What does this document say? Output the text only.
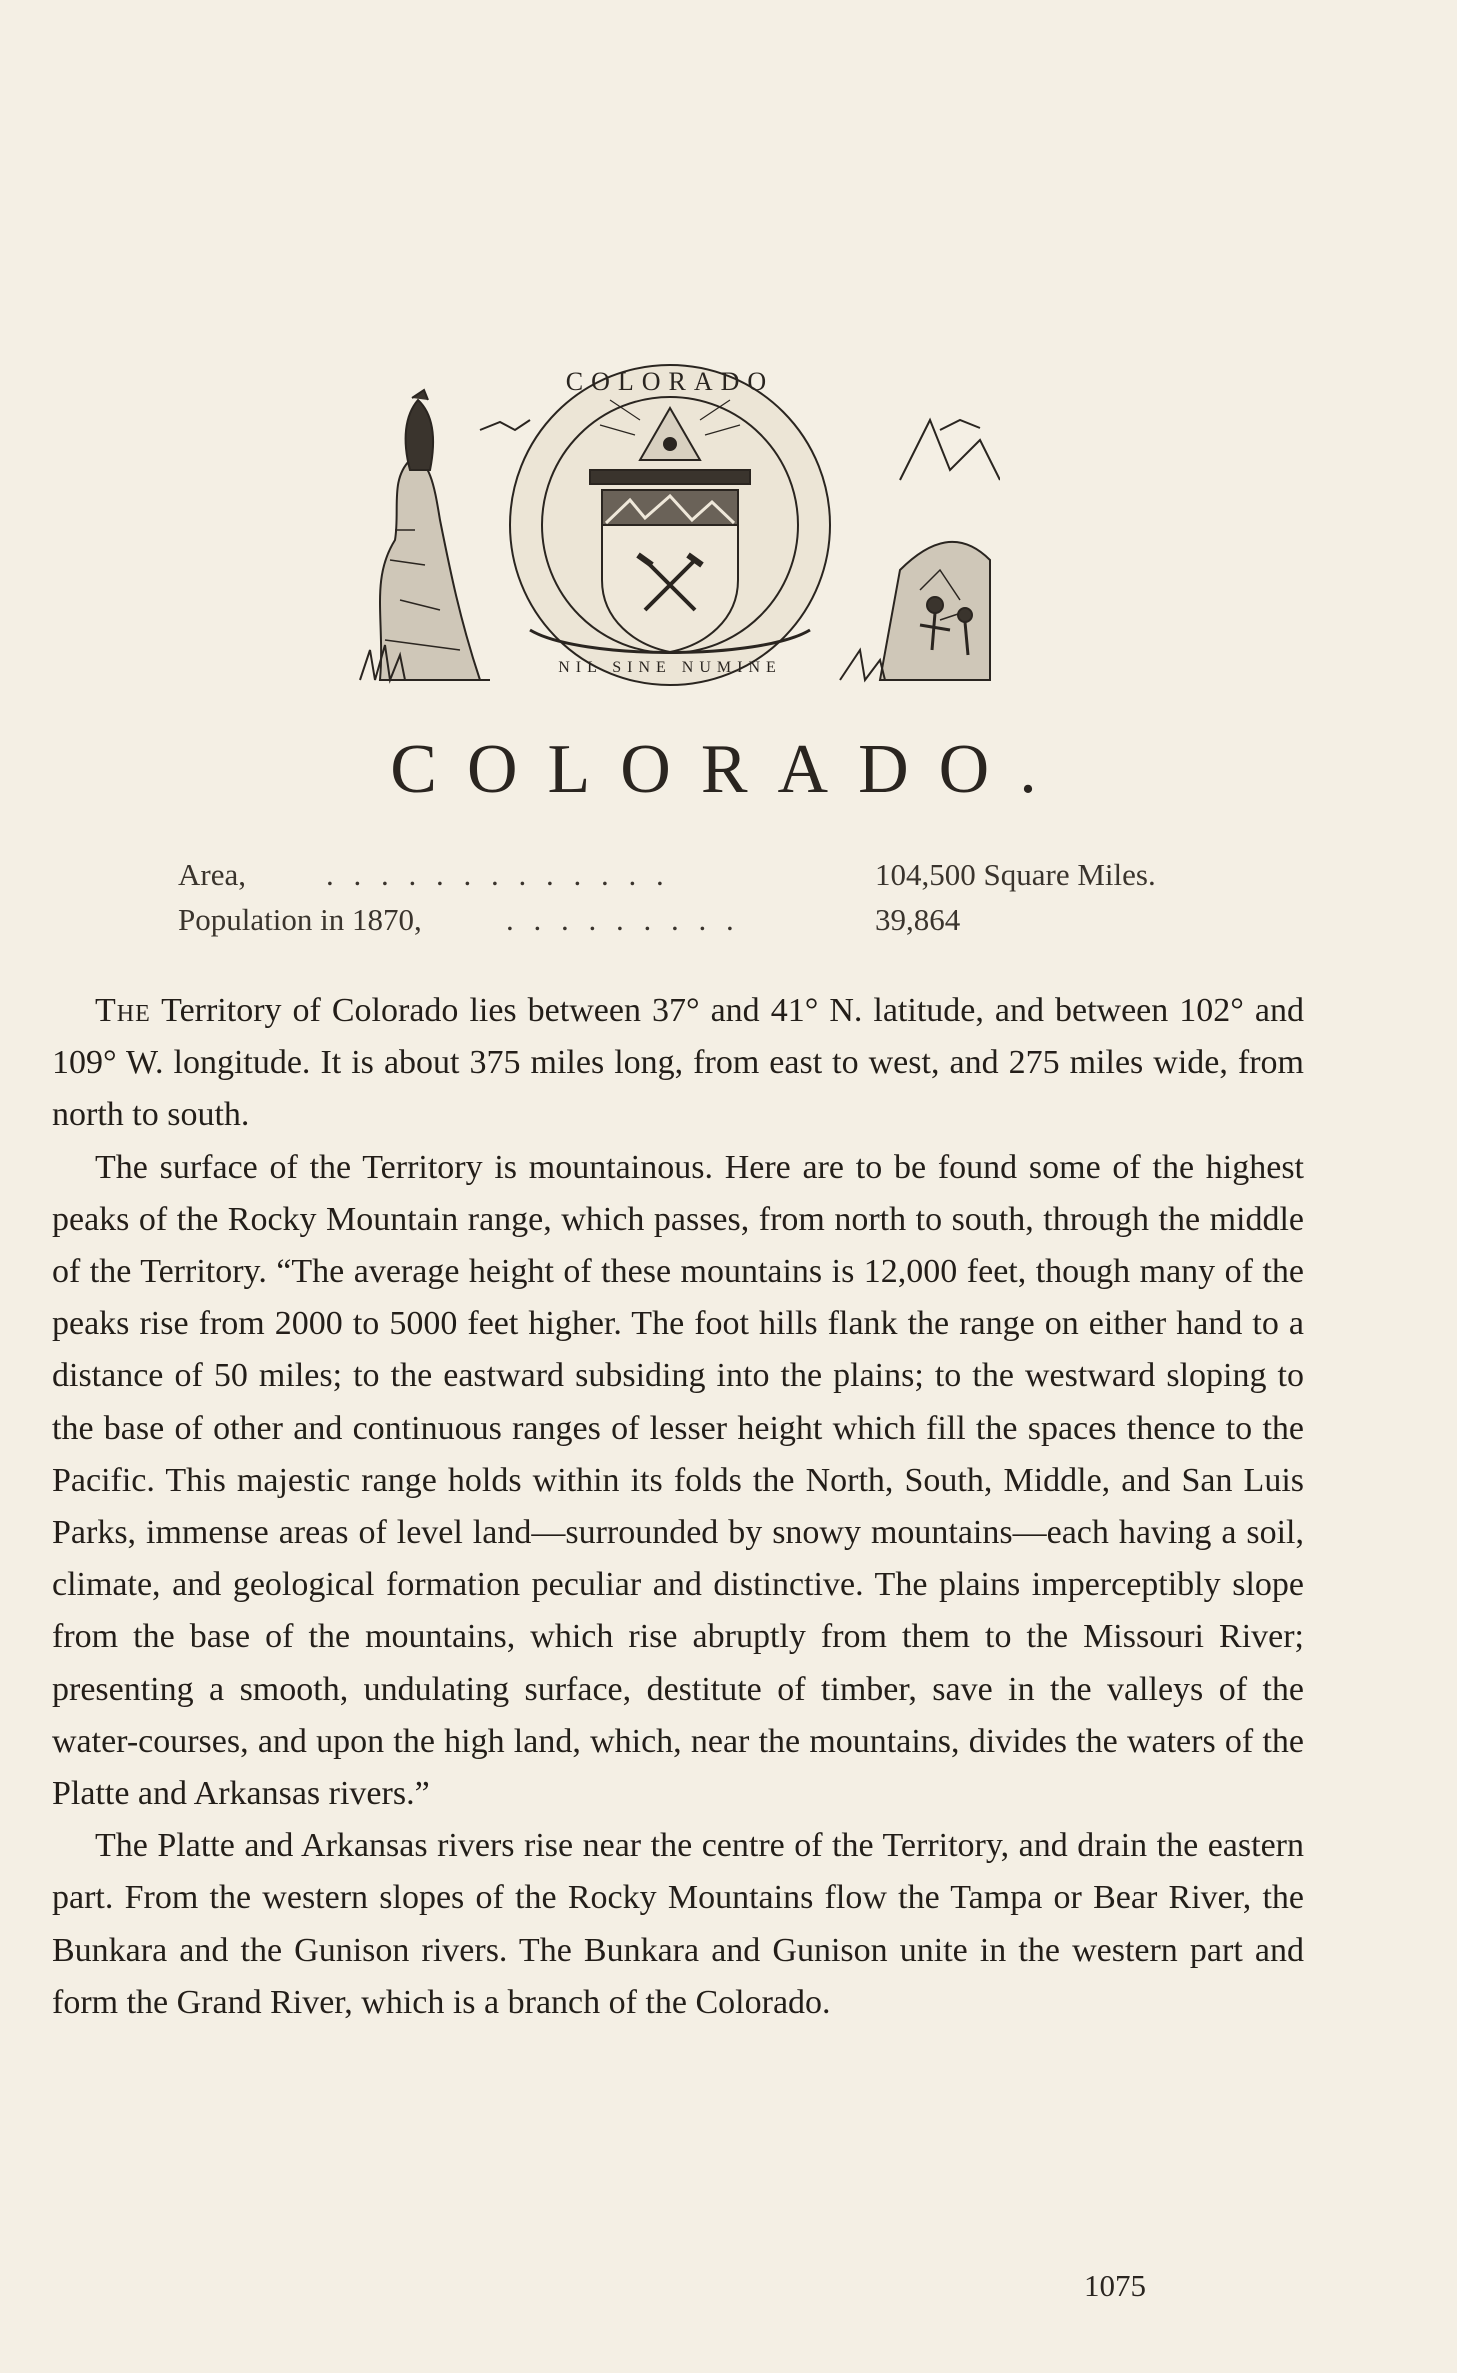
COLORADO
NIL SINE NUMINE
COLORADO.
Area,	. . . . . . . . . . . . .	104,500 Square Miles.
Population in 1870,	. . . . . . . . .	39,864

The Territory of Colorado lies between 37° and 41° N. latitude, and between 102° and 109° W. longitude. It is about 375 miles long, from east to west, and 275 miles wide, from north to south.

The surface of the Territory is mountainous. Here are to be found some of the highest peaks of the Rocky Mountain range, which passes, from north to south, through the middle of the Territory. “The average height of these mountains is 12,000 feet, though many of the peaks rise from 2000 to 5000 feet higher. The foot hills flank the range on either hand to a distance of 50 miles; to the eastward subsiding into the plains; to the westward sloping to the base of other and continuous ranges of lesser height which fill the spaces thence to the Pacific. This majestic range holds within its folds the North, South, Middle, and San Luis Parks, immense areas of level land—surrounded by snowy mountains—each having a soil, climate, and geological formation peculiar and distinctive. The plains imperceptibly slope from the base of the mountains, which rise abruptly from them to the Missouri River; presenting a smooth, undulating surface, destitute of timber, save in the valleys of the water-courses, and upon the high land, which, near the mountains, divides the waters of the Platte and Arkansas rivers.”

The Platte and Arkansas rivers rise near the centre of the Territory, and drain the eastern part. From the western slopes of the Rocky Mountains flow the Tampa or Bear River, the Bunkara and the Gunison rivers. The Bunkara and Gunison unite in the western part and form the Grand River, which is a branch of the Colorado.

1075
